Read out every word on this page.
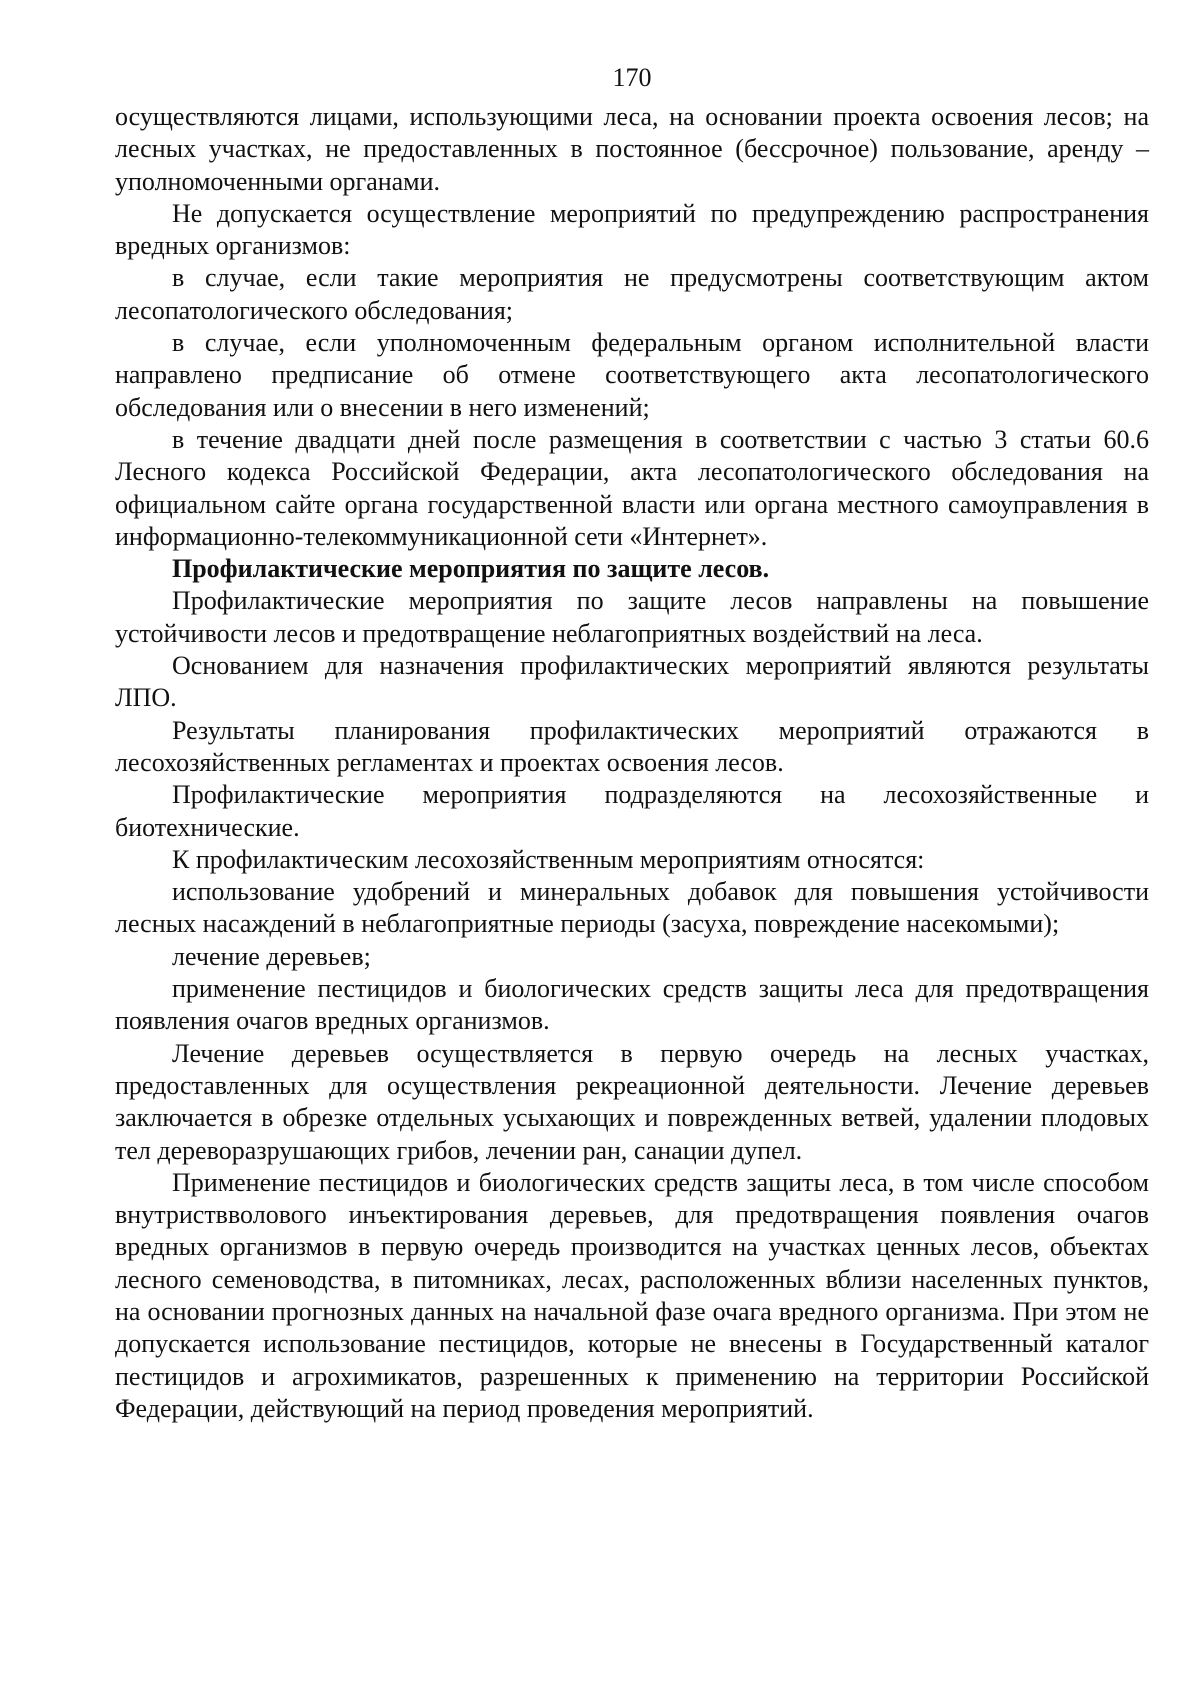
170

осуществляются лицами, использующими леса, на основании проекта освоения лесов; на лесных участках, не предоставленных в постоянное (бессрочное) пользование, аренду – уполномоченными органами.

Не допускается осуществление мероприятий по предупреждению распространения вредных организмов:

в случае, если такие мероприятия не предусмотрены соответствующим актом лесопатологического обследования;

в случае, если уполномоченным федеральным органом исполнительной власти направлено предписание об отмене соответствующего акта лесопатологического обследования или о внесении в него изменений;

в течение двадцати дней после размещения в соответствии с частью 3 статьи 60.6 Лесного кодекса Российской Федерации, акта лесопатологического обследования на официальном сайте органа государственной власти или органа местного самоуправления в информационно-телекоммуникационной сети «Интернет».

Профилактические мероприятия по защите лесов.

Профилактические мероприятия по защите лесов направлены на повышение устойчивости лесов и предотвращение неблагоприятных воздействий на леса.

Основанием для назначения профилактических мероприятий являются результаты ЛПО.

Результаты планирования профилактических мероприятий отражаются в лесохозяйственных регламентах и проектах освоения лесов.

Профилактические мероприятия подразделяются на лесохозяйственные и биотехнические.

К профилактическим лесохозяйственным мероприятиям относятся:

использование удобрений и минеральных добавок для повышения устойчивости лесных насаждений в неблагоприятные периоды (засуха, повреждение насекомыми);

лечение деревьев;

применение пестицидов и биологических средств защиты леса для предотвращения появления очагов вредных организмов.

Лечение деревьев осуществляется в первую очередь на лесных участках, предоставленных для осуществления рекреационной деятельности. Лечение деревьев заключается в обрезке отдельных усыхающих и поврежденных ветвей, удалении плодовых тел дереворазрушающих грибов, лечении ран, санации дупел.

Применение пестицидов и биологических средств защиты леса, в том числе способом внутриствволового инъектирования деревьев, для предотвращения появления очагов вредных организмов в первую очередь производится на участках ценных лесов, объектах лесного семеноводства, в питомниках, лесах, расположенных вблизи населенных пунктов, на основании прогнозных данных на начальной фазе очага вредного организма. При этом не допускается использование пестицидов, которые не внесены в Государственный каталог пестицидов и агрохимикатов, разрешенных к применению на территории Российской Федерации, действующий на период проведения мероприятий.
